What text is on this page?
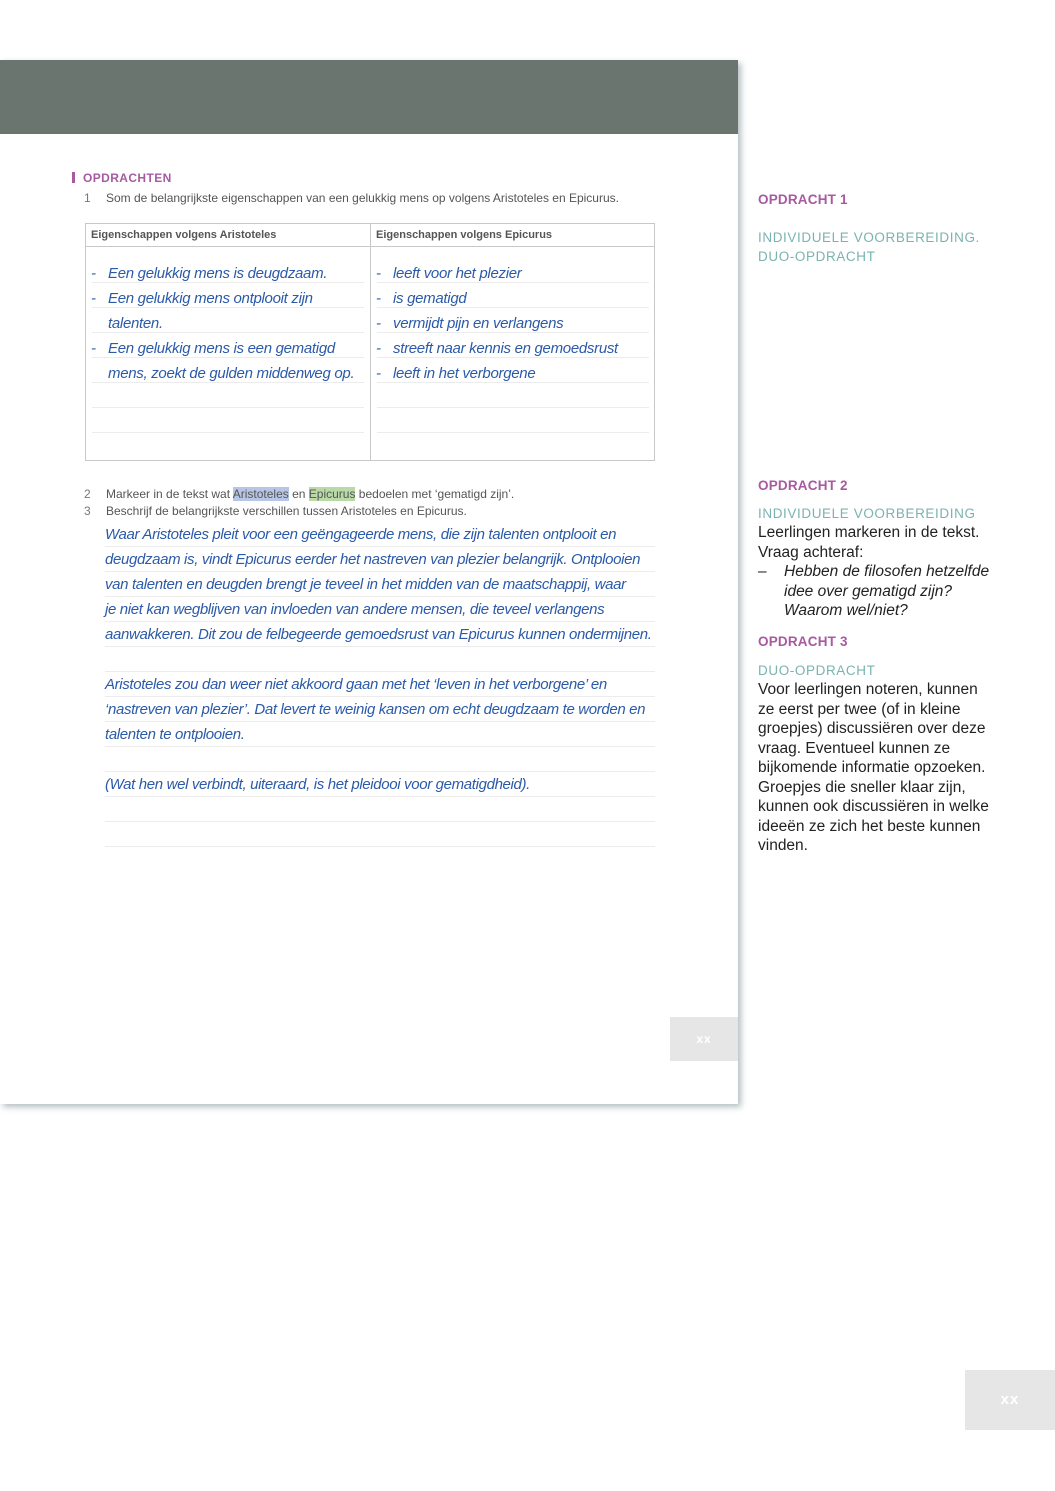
OPDRACHTEN
1 Som de belangrijkste eigenschappen van een gelukkig mens op volgens Aristoteles en Epicurus.
Eigenschappen volgens Aristoteles	Eigenschappen volgens Epicurus
- Een gelukkig mens is deugdzaam.
- Een gelukkig mens ontplooit zijn
talenten.
- Een gelukkig mens is een gematigd
mens, zoekt de gulden middenweg op.
- leeft voor het plezier
- is gematigd
- vermijdt pijn en verlangens
- streeft naar kennis en gemoedsrust
- leeft in het verborgene
2 Markeer in de tekst wat Aristoteles en Epicurus bedoelen met ‘gematigd zijn’.
3 Beschrijf de belangrijkste verschillen tussen Aristoteles en Epicurus.
Waar Aristoteles pleit voor een geëngageerde mens, die zijn talenten ontplooit en
deugdzaam is, vindt Epicurus eerder het nastreven van plezier belangrijk. Ontplooien
van talenten en deugden brengt je teveel in het midden van de maatschappij, waar
je niet kan wegblijven van invloeden van andere mensen, die teveel verlangens
aanwakkeren. Dit zou de felbegeerde gemoedsrust van Epicurus kunnen ondermijnen.
Aristoteles zou dan weer niet akkoord gaan met het ‘leven in het verborgene’ en
‘nastreven van plezier’. Dat levert te weinig kansen om echt deugdzaam te worden en
talenten te ontplooien.
(Wat hen wel verbindt, uiteraard, is het pleidooi voor gematigdheid).
xx
OPDRACHT 1
INDIVIDUELE VOORBEREIDING.
DUO-OPDRACHT
OPDRACHT 2
INDIVIDUELE VOORBEREIDING
Leerlingen markeren in de tekst.
Vraag achteraf:
– Hebben de filosofen hetzelfde
idee over gematigd zijn?
Waarom wel/niet?
OPDRACHT 3
DUO-OPDRACHT
Voor leerlingen noteren, kunnen
ze eerst per twee (of in kleine
groepjes) discussiëren over deze
vraag. Eventueel kunnen ze
bijkomende informatie opzoeken.
Groepjes die sneller klaar zijn,
kunnen ook discussiëren in welke
ideeën ze zich het beste kunnen
vinden.
xx
